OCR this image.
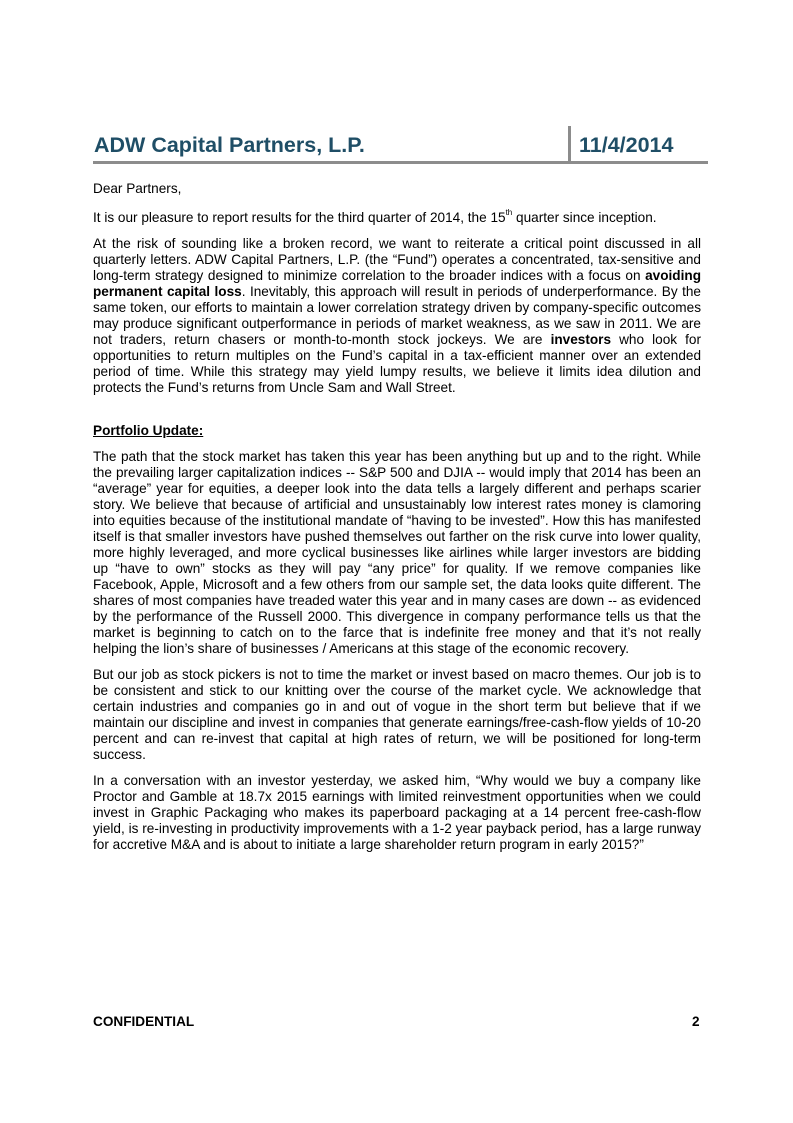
ADW Capital Partners, L.P.	11/4/2014

Dear Partners,

It is our pleasure to report results for the third quarter of 2014, the 15th quarter since inception.

At the risk of sounding like a broken record, we want to reiterate a critical point discussed in all quarterly letters. ADW Capital Partners, L.P. (the “Fund”) operates a concentrated, tax-sensitive and long-term strategy designed to minimize correlation to the broader indices with a focus on avoiding permanent capital loss. Inevitably, this approach will result in periods of underperformance. By the same token, our efforts to maintain a lower correlation strategy driven by company-specific outcomes may produce significant outperformance in periods of market weakness, as we saw in 2011. We are not traders, return chasers or month-to-month stock jockeys. We are investors who look for opportunities to return multiples on the Fund’s capital in a tax-efficient manner over an extended period of time. While this strategy may yield lumpy results, we believe it limits idea dilution and protects the Fund’s returns from Uncle Sam and Wall Street.

Portfolio Update:

The path that the stock market has taken this year has been anything but up and to the right. While the prevailing larger capitalization indices -- S&P 500 and DJIA -- would imply that 2014 has been an “average” year for equities, a deeper look into the data tells a largely different and perhaps scarier story. We believe that because of artificial and unsustainably low interest rates money is clamoring into equities because of the institutional mandate of “having to be invested”. How this has manifested itself is that smaller investors have pushed themselves out farther on the risk curve into lower quality, more highly leveraged, and more cyclical businesses like airlines while larger investors are bidding up “have to own” stocks as they will pay “any price” for quality. If we remove companies like Facebook, Apple, Microsoft and a few others from our sample set, the data looks quite different. The shares of most companies have treaded water this year and in many cases are down -- as evidenced by the performance of the Russell 2000. This divergence in company performance tells us that the market is beginning to catch on to the farce that is indefinite free money and that it’s not really helping the lion’s share of businesses / Americans at this stage of the economic recovery.

But our job as stock pickers is not to time the market or invest based on macro themes. Our job is to be consistent and stick to our knitting over the course of the market cycle. We acknowledge that certain industries and companies go in and out of vogue in the short term but believe that if we maintain our discipline and invest in companies that generate earnings/free-cash-flow yields of 10-20 percent and can re-invest that capital at high rates of return, we will be positioned for long-term success.

In a conversation with an investor yesterday, we asked him, “Why would we buy a company like Proctor and Gamble at 18.7x 2015 earnings with limited reinvestment opportunities when we could invest in Graphic Packaging who makes its paperboard packaging at a 14 percent free-cash-flow yield, is re-investing in productivity improvements with a 1-2 year payback period, has a large runway for accretive M&A and is about to initiate a large shareholder return program in early 2015?”

CONFIDENTIAL	2
